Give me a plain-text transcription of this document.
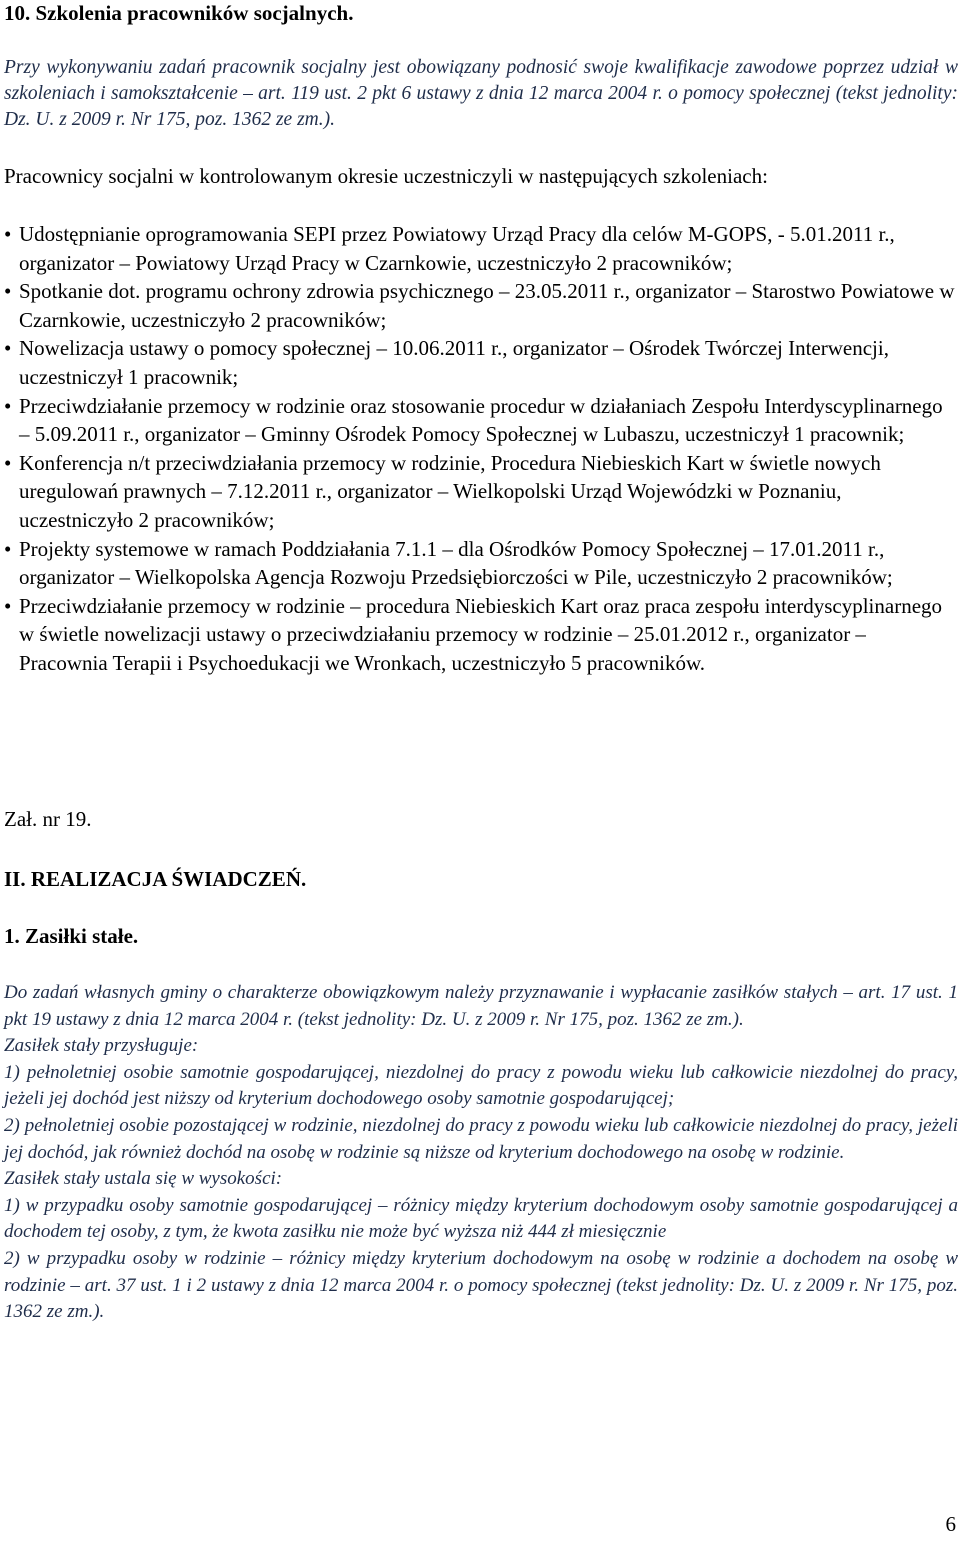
10. Szkolenia pracowników socjalnych.
Przy wykonywaniu zadań pracownik socjalny jest obowiązany podnosić swoje kwalifikacje zawodowe poprzez udział w szkoleniach i samokształcenie – art. 119 ust. 2 pkt 6 ustawy z dnia 12 marca 2004 r. o pomocy społecznej (tekst jednolity: Dz. U. z 2009 r. Nr 175, poz. 1362 ze zm.).
Pracownicy socjalni w kontrolowanym okresie uczestniczyli w następujących szkoleniach:
• Udostępnianie oprogramowania SEPI przez Powiatowy Urząd Pracy dla celów M-GOPS, - 5.01.2011 r., organizator – Powiatowy Urząd Pracy w Czarnkowie, uczestniczyło 2 pracowników;
• Spotkanie dot. programu ochrony zdrowia psychicznego – 23.05.2011 r., organizator – Starostwo Powiatowe w Czarnkowie, uczestniczyło 2 pracowników;
• Nowelizacja ustawy o pomocy społecznej – 10.06.2011 r., organizator – Ośrodek Twórczej Interwencji, uczestniczył 1 pracownik;
• Przeciwdziałanie przemocy w rodzinie oraz stosowanie procedur w działaniach Zespołu Interdyscyplinarnego – 5.09.2011 r., organizator – Gminny Ośrodek Pomocy Społecznej w Lubaszu, uczestniczył 1 pracownik;
• Konferencja n/t przeciwdziałania przemocy w rodzinie, Procedura Niebieskich Kart w świetle nowych uregulowań prawnych – 7.12.2011 r., organizator – Wielkopolski Urząd Wojewódzki w Poznaniu, uczestniczyło 2 pracowników;
• Projekty systemowe w ramach Poddziałania 7.1.1 – dla Ośrodków Pomocy Społecznej – 17.01.2011 r., organizator – Wielkopolska Agencja Rozwoju Przedsiębiorczości w Pile, uczestniczyło 2 pracowników;
• Przeciwdziałanie przemocy w rodzinie – procedura Niebieskich Kart oraz praca zespołu interdyscyplinarnego w świetle nowelizacji ustawy o przeciwdziałaniu przemocy w rodzinie – 25.01.2012 r., organizator – Pracownia Terapii i Psychoedukacji we Wronkach, uczestniczyło 5 pracowników.
Zał. nr 19.
II. REALIZACJA ŚWIADCZEŃ.
1. Zasiłki stałe.

Do zadań własnych gminy o charakterze obowiązkowym należy przyznawanie i wypłacanie zasiłków stałych – art. 17 ust. 1 pkt 19 ustawy z dnia 12 marca 2004 r. (tekst jednolity: Dz. U. z 2009 r. Nr 175, poz. 1362 ze zm.).

Zasiłek stały przysługuje:

1) pełnoletniej osobie samotnie gospodarującej, niezdolnej do pracy z powodu wieku lub całkowicie niezdolnej do pracy, jeżeli jej dochód jest niższy od kryterium dochodowego osoby samotnie gospodarującej;

2) pełnoletniej osobie pozostającej w rodzinie, niezdolnej do pracy z powodu wieku lub całkowicie niezdolnej do pracy, jeżeli jej dochód, jak również dochód na osobę w rodzinie są niższe od kryterium dochodowego na osobę w rodzinie.

Zasiłek stały ustala się w wysokości:

1) w przypadku osoby samotnie gospodarującej – różnicy między kryterium dochodowym osoby samotnie gospodarującej a dochodem tej osoby, z tym, że kwota zasiłku nie może być wyższa niż 444 zł miesięcznie

2) w przypadku osoby w rodzinie – różnicy między kryterium dochodowym na osobę w rodzinie a dochodem na osobę w rodzinie – art. 37 ust. 1 i 2 ustawy z dnia 12 marca 2004 r. o pomocy społecznej (tekst jednolity: Dz. U. z 2009 r. Nr 175, poz. 1362 ze zm.).

6
